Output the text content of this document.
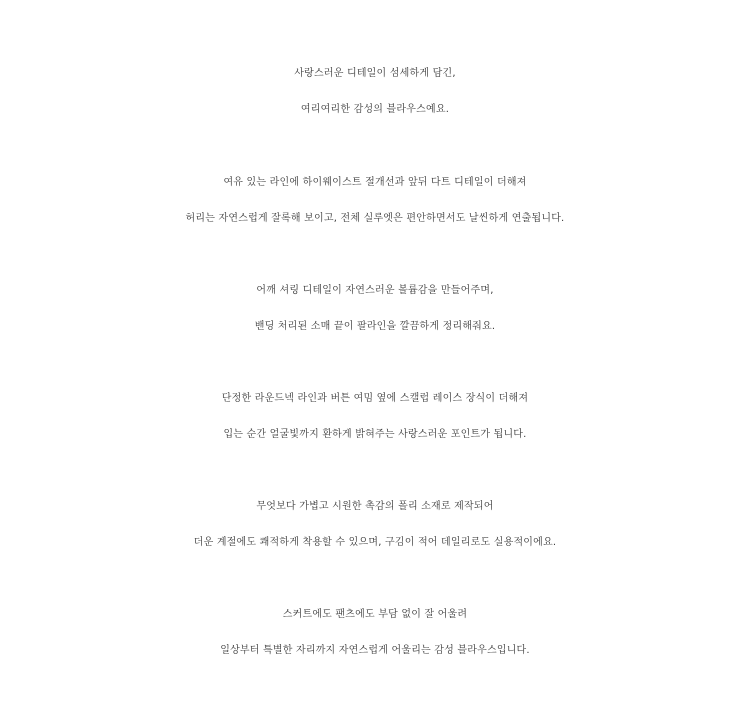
사랑스러운 디테일이 섬세하게 담긴,
여리여리한 감성의 블라우스예요.
여유 있는 라인에 하이웨이스트 절개선과 앞뒤 다트 디테일이 더해져
허리는 자연스럽게 잘록해 보이고, 전체 실루엣은 편안하면서도 날씬하게 연출됩니다.
어깨 셔링 디테일이 자연스러운 볼륨감을 만들어주며,
밴딩 처리된 소매 끝이 팔라인을 깔끔하게 정리해줘요.
단정한 라운드넥 라인과 버튼 여밈 옆에 스캘럽 레이스 장식이 더해져
입는 순간 얼굴빛까지 환하게 밝혀주는 사랑스러운 포인트가 됩니다.
무엇보다 가볍고 시원한 촉감의 폴리 소재로 제작되어
더운 계절에도 쾌적하게 착용할 수 있으며, 구김이 적어 데일리로도 실용적이에요.
스커트에도 팬츠에도 부담 없이 잘 어울려
일상부터 특별한 자리까지 자연스럽게 어울리는 감성 블라우스입니다.
